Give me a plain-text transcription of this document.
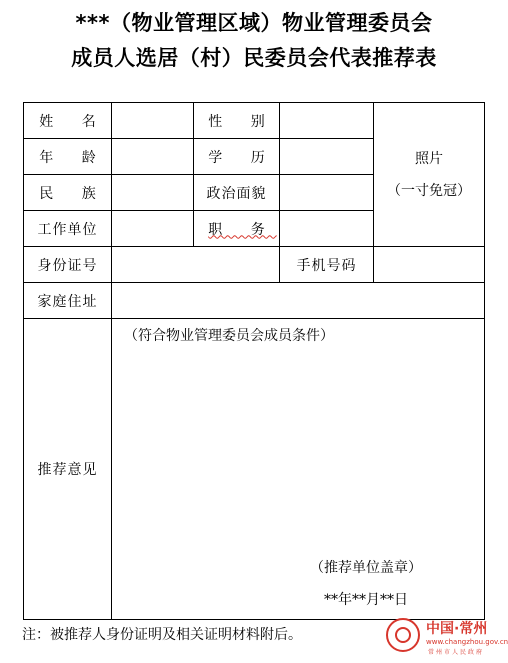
***（物业管理区域）物业管理委员会
成员人选居（村）民委员会代表推荐表
姓 名		性 别		照片
（一寸免冠）

年 龄		学 历		
民 族		政治面貌		
工作单位		职 务		
身份证号			手机号码	
家庭住址				
推荐意见	（符合物业管理委员会成员条件）
（推荐单位盖章）
**年**月**日			
注：被推荐人身份证明及相关证明材料附后。	中国·常州
www.changzhou.gov.cn
常州市人民政府
